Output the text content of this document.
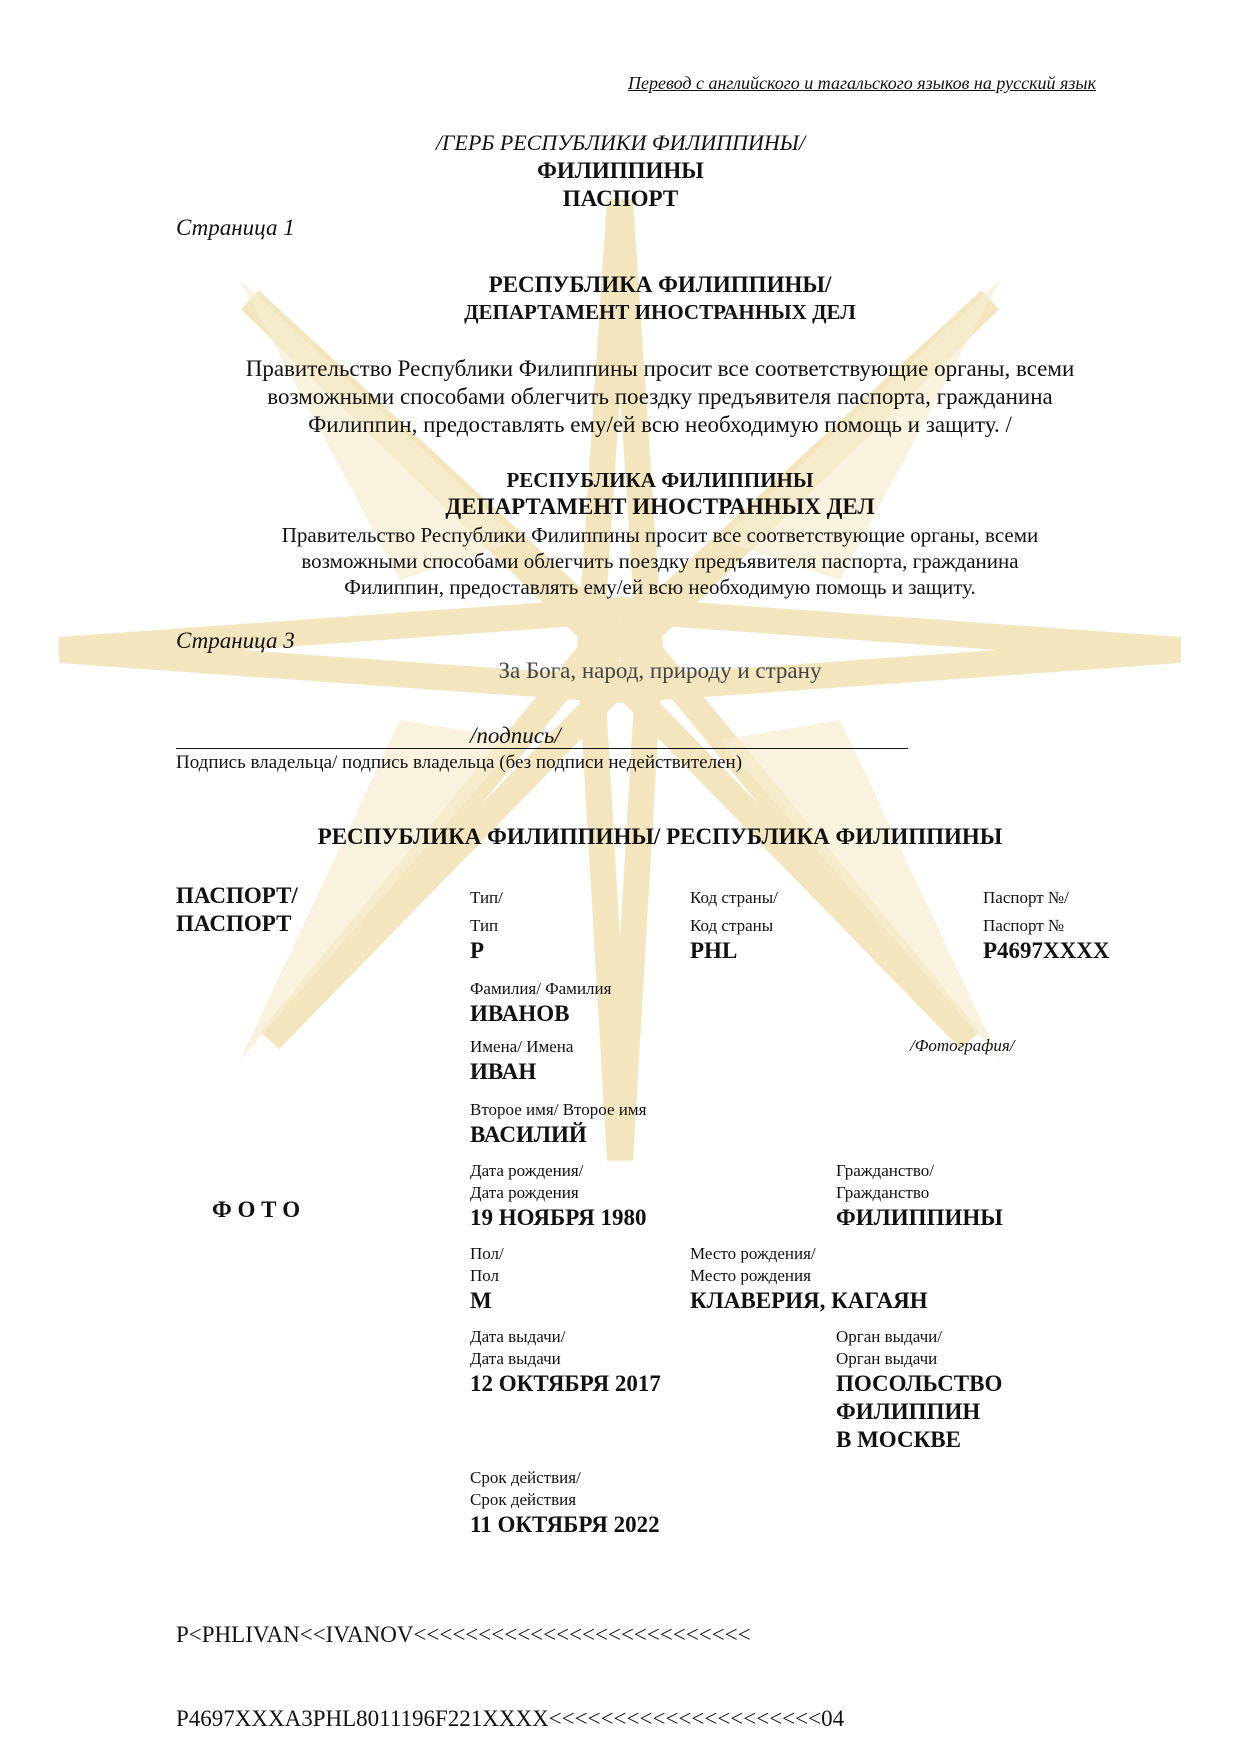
Перевод с английского и тагальского языков на русский язык
/ГЕРБ РЕСПУБЛИКИ ФИЛИППИНЫ/
ФИЛИППИНЫ
ПАСПОРТ
Страница 1
РЕСПУБЛИКА ФИЛИППИНЫ/
ДЕПАРТАМЕНТ ИНОСТРАННЫХ ДЕЛ
Правительство Республики Филиппины просит все соответствующие органы, всеми
возможными способами облегчить поездку предъявителя паспорта, гражданина
Филиппин, предоставлять ему/ей всю необходимую помощь и защиту. /
РЕСПУБЛИКА ФИЛИППИНЫ
ДЕПАРТАМЕНТ ИНОСТРАННЫХ ДЕЛ
Правительство Республики Филиппины просит все соответствующие органы, всеми
возможными способами облегчить поездку предъявителя паспорта, гражданина
Филиппин, предоставлять ему/ей всю необходимую помощь и защиту.
Страница 3
За Бога, народ, природу и страну
/подпись/
Подпись владельца/ подпись владельца (без подписи недействителен)
РЕСПУБЛИКА ФИЛИППИНЫ/ РЕСПУБЛИКА ФИЛИППИНЫ
ПАСПОРТ/
ПАСПОРТ
Ф О Т О
Тип/
Тип
P
Код страны/
Код страны
PHL
Паспорт №/
Паспорт №
P4697XXXX
Фамилия/ Фамилия
ИВАНОВ
Имена/ Имена
ИВАН
/Фотография/
Второе имя/ Второе имя
ВАСИЛИЙ
Дата рождения/
Дата рождения
19 НОЯБРЯ 1980
Гражданство/
Гражданство
ФИЛИППИНЫ
Пол/
Пол
M
Место рождения/
Место рождения
КЛАВЕРИЯ, КАГАЯН
Дата выдачи/
Дата выдачи
12 ОКТЯБРЯ 2017
Орган выдачи/
Орган выдачи
ПОСОЛЬСТВО
ФИЛИППИН
В МОСКВЕ
Срок действия/
Срок действия
11 ОКТЯБРЯ 2022

P<PHLIVAN<<IVANOV<<<<<<<<<<<<<<<<<<<<<<<<<<

P4697XXXA3PHL8011196F221XXXX<<<<<<<<<<<<<<<<<<<<<04
